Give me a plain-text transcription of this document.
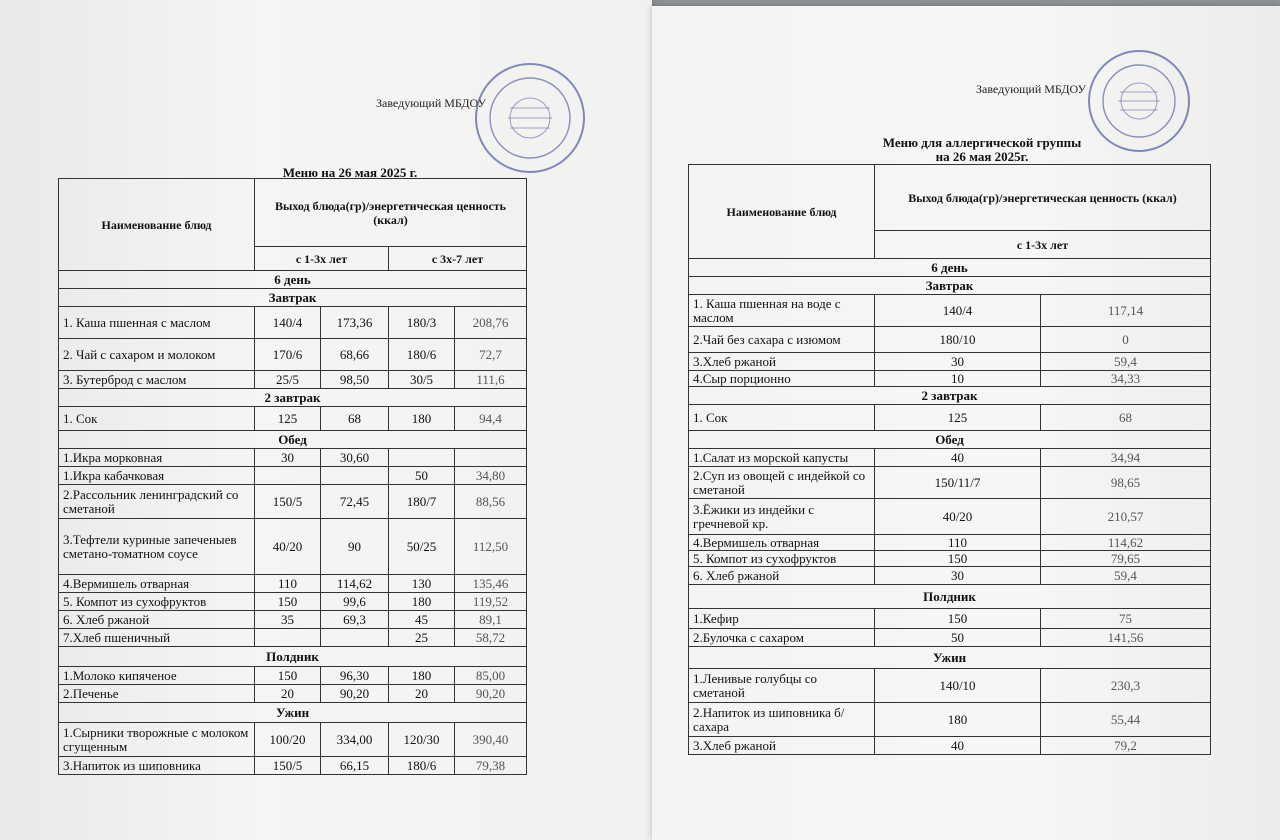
Заведующий МБДОУ
Меню на 26 мая 2025 г.
Наименование блюд	Выход блюда(гр)/энергетическая ценность (ккал)			
	с 1-3х лет		с 3х-7 лет	
6 день				
Завтрак				
1. Каша пшенная с маслом	140/4	173,36	180/3	208,76
2. Чай с сахаром и молоком	170/6	68,66	180/6	72,7
3. Бутерброд с маслом	25/5	98,50	30/5	111,6
2 завтрак				
1. Сок	125	68	180	94,4
Обед				
1.Икра морковная	30	30,60		
1.Икра кабачковая			50	34,80
2.Рассольник ленинградский со сметаной	150/5	72,45	180/7	88,56
3.Тефтели куриные запеченыев сметано-томатном соусе	40/20	90	50/25	112,50
4.Вермишель отварная	110	114,62	130	135,46
5. Компот из сухофруктов	150	99,6	180	119,52
6. Хлеб ржаной	35	69,3	45	89,1
7.Хлеб пшеничный			25	58,72
Полдник				
1.Молоко кипяченое	150	96,30	180	85,00
2.Печенье	20	90,20	20	90,20
Ужин				
1.Сырники творожные с молоком сгущенным	100/20	334,00	120/30	390,40
3.Напиток из шиповника	150/5	66,15	180/6	79,38
Заведующий МБДОУ
Меню для аллергической группы
на 26 мая 2025г.
Наименование блюд	Выход блюда(гр)/энергетическая ценность (ккал)	
	с 1-3х лет	
6 день		
Завтрак		
1. Каша пшенная на воде с маслом	140/4	117,14
2.Чай без сахара с изюмом	180/10	0
3.Хлеб ржаной	30	59,4
4.Сыр порционно	10	34,33
2 завтрак		
1. Сок	125	68
Обед		
1.Салат из морской капусты	40	34,94
2.Суп из овощей с индейкой со сметаной	150/11/7	98,65
3.Ёжики из индейки с гречневой кр.	40/20	210,57
4.Вермишель отварная	110	114,62
5. Компот из сухофруктов	150	79,65
6. Хлеб ржаной	30	59,4
Полдник		
1.Кефир	150	75
2.Булочка с сахаром	50	141,56
Ужин		
1.Ленивые голубцы со сметаной	140/10	230,3
2.Напиток из шиповника б/сахара	180	55,44
3.Хлеб ржаной	40	79,2
